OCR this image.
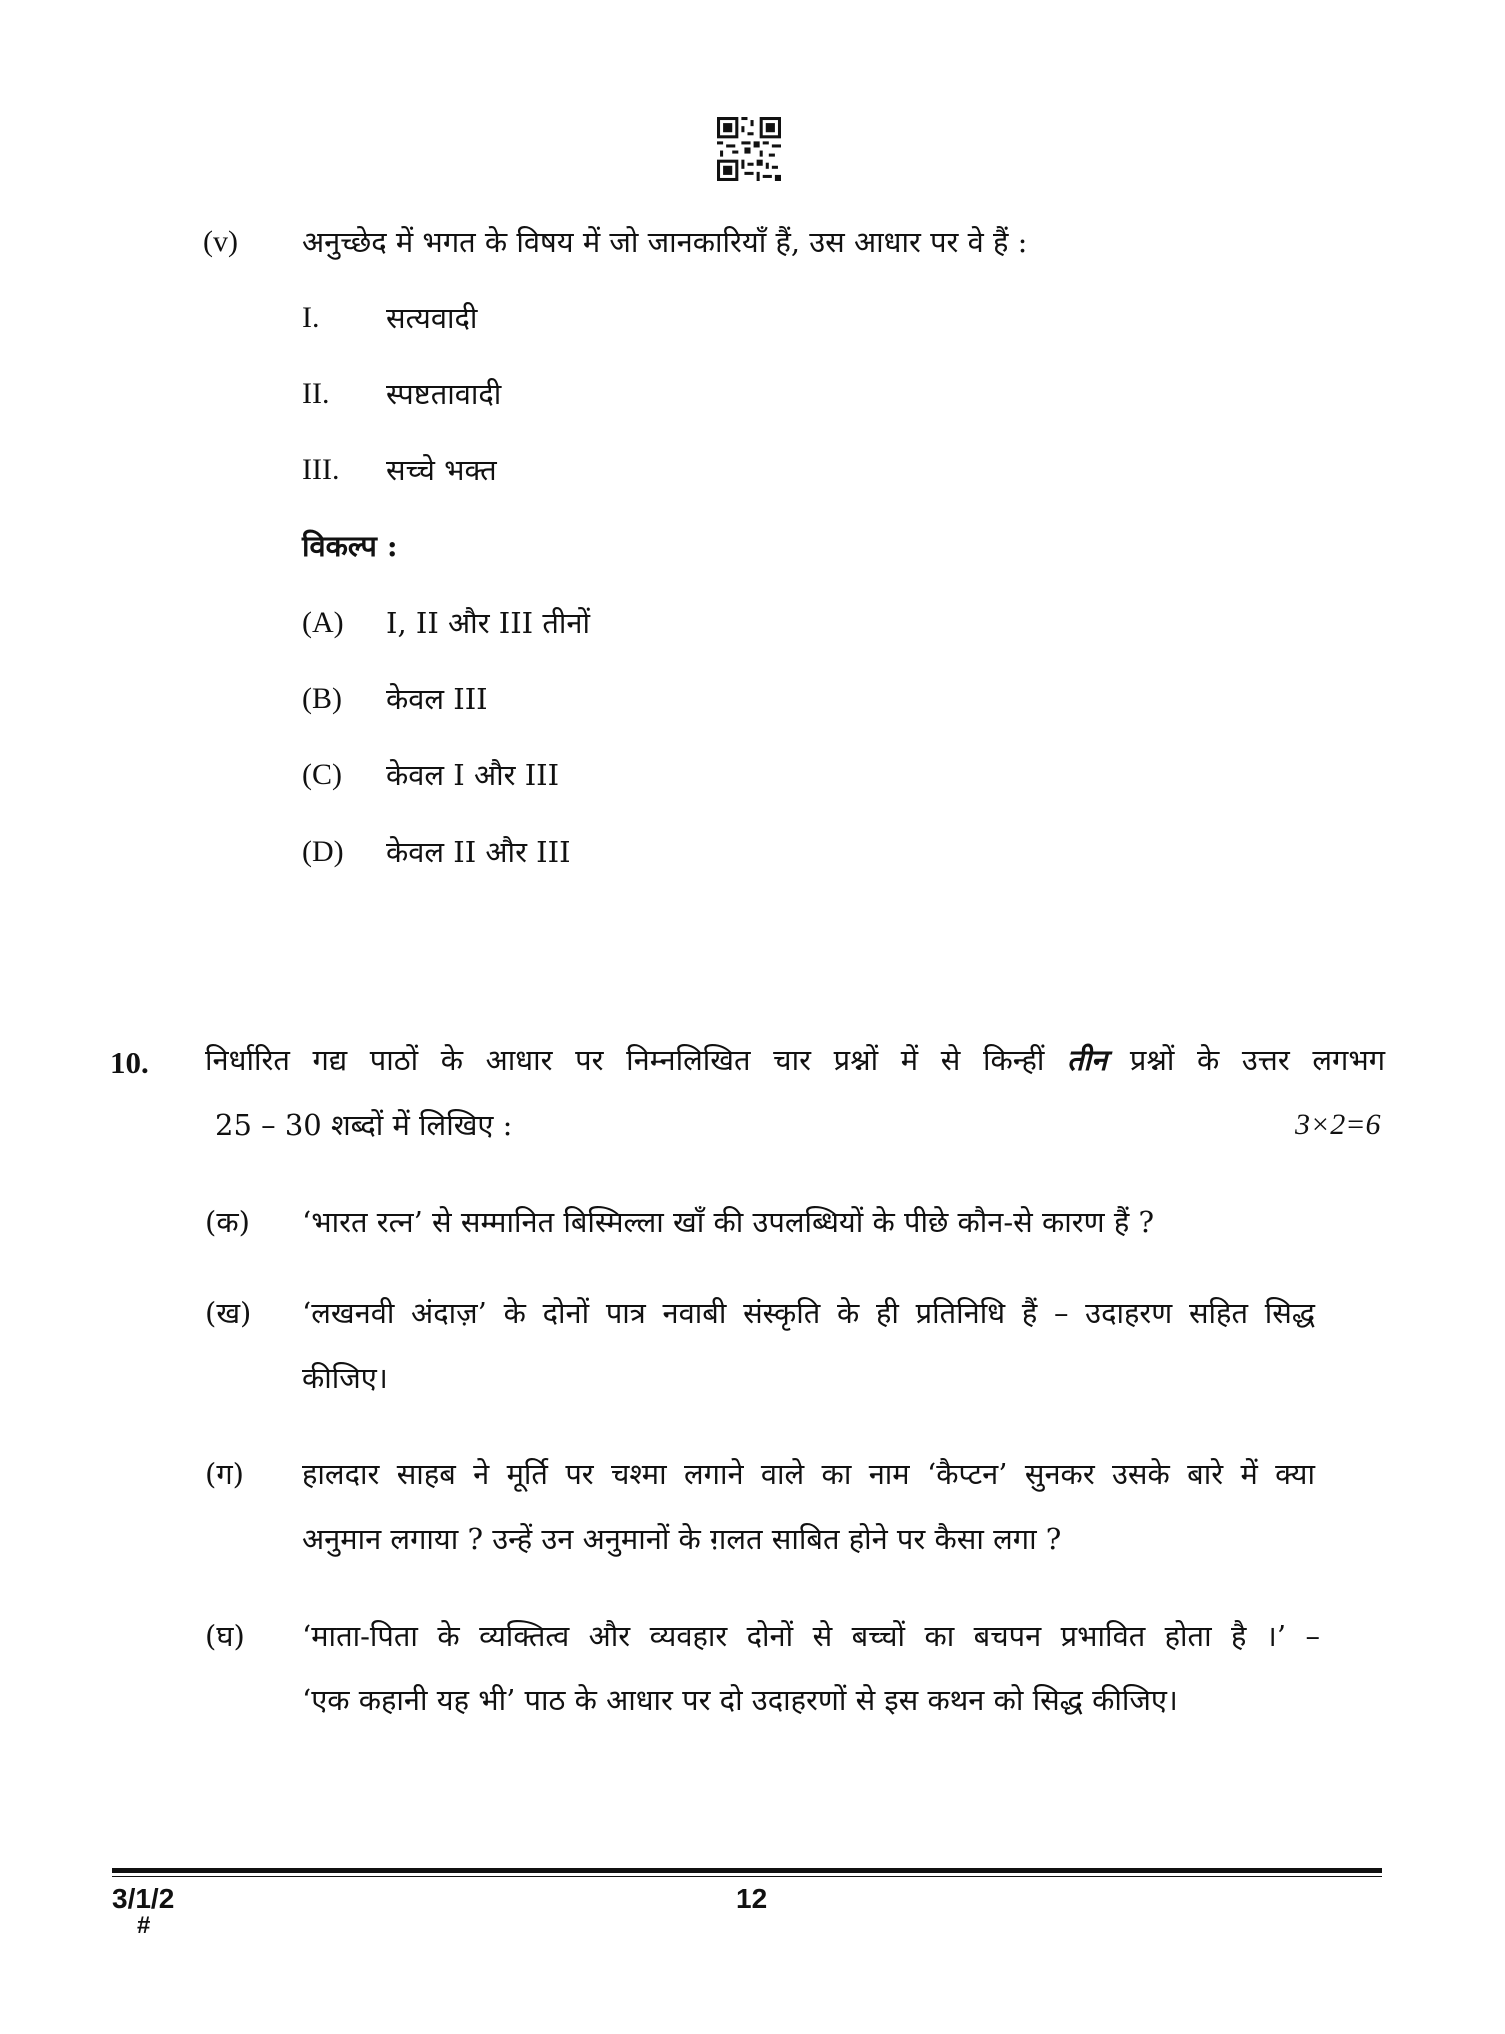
(v) अनुच्छेद में भगत के विषय में जो जानकारियाँ हैं, उस आधार पर वे हैं :
I. सत्यवादी
II. स्पष्टतावादी
III. सच्चे भक्त
विकल्प :
(A) I, II और III तीनों
(B) केवल III
(C) केवल I और III
(D) केवल II और III
10. निर्धारित गद्य पाठों के आधार पर निम्नलिखित चार प्रश्नों में से किन्हीं तीन प्रश्नों के उत्तर लगभग
25 – 30 शब्दों में लिखिए :	3×2=6
(क) ‘भारत रत्न’ से सम्मानित बिस्मिल्ला खाँ की उपलब्धियों के पीछे कौन-से कारण हैं ?
(ख) ‘लखनवी अंदाज़’ के दोनों पात्र नवाबी संस्कृति के ही प्रतिनिधि हैं – उदाहरण सहित सिद्ध
कीजिए।
(ग) हालदार साहब ने मूर्ति पर चश्मा लगाने वाले का नाम ‘कैप्टन’ सुनकर उसके बारे में क्या
अनुमान लगाया ? उन्हें उन अनुमानों के ग़लत साबित होने पर कैसा लगा ?
(घ) ‘माता-पिता के व्यक्तित्व और व्यवहार दोनों से बच्चों का बचपन प्रभावित होता है ।’ –
‘एक कहानी यह भी’ पाठ के आधार पर दो उदाहरणों से इस कथन को सिद्ध कीजिए।
3/1/2
#
12
